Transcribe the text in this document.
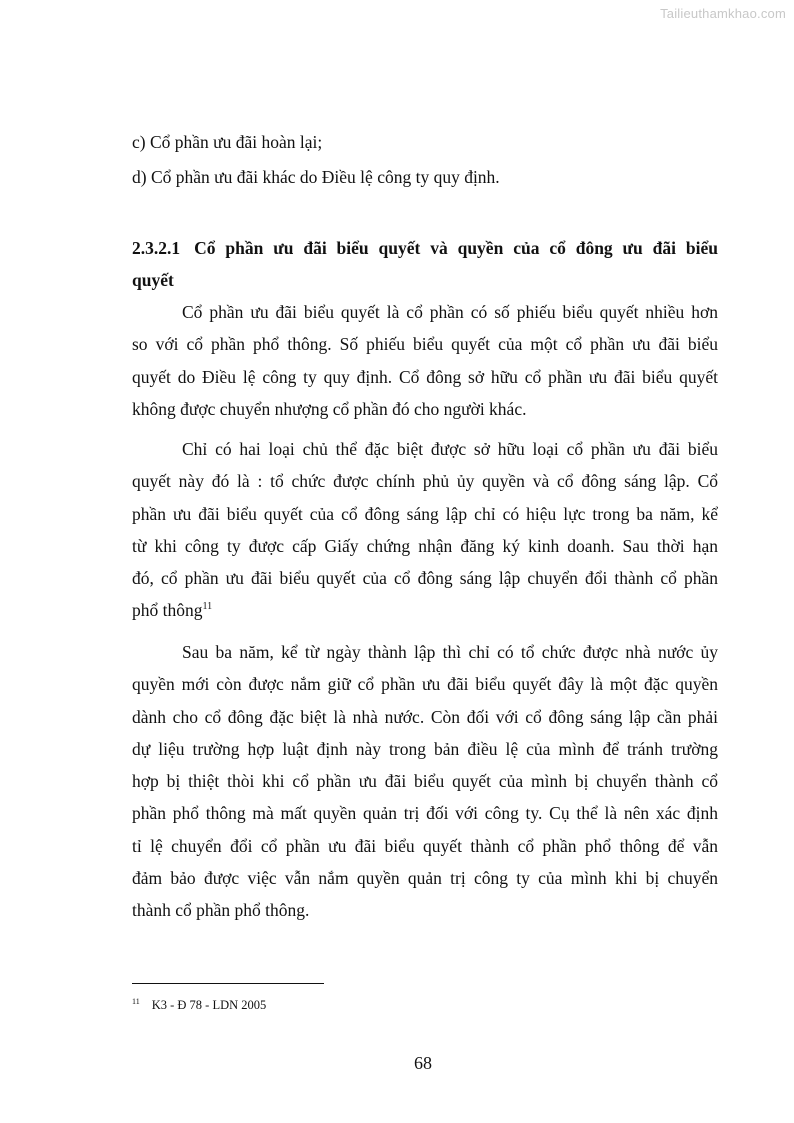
Tailieuthamkhao.com

c) Cổ phần ưu đãi hoàn lại;

d) Cổ phần ưu đãi khác do Điều lệ công ty quy định.

2.3.2.1 Cổ phần ưu đãi biểu quyết và quyền của cổ đông ưu đãi biểu
quyết
Cổ phần ưu đãi biểu quyết là cổ phần có số phiếu biểu quyết nhiều hơn
so với cổ phần phổ thông. Số phiếu biểu quyết của một cổ phần ưu đãi biểu
quyết do Điều lệ công ty quy định. Cổ đông sở hữu cổ phần ưu đãi biểu quyết
không được chuyển nhượng cổ phần đó cho người khác.
Chỉ có hai loại chủ thể đặc biệt được sở hữu loại cổ phần ưu đãi biểu
quyết này đó là : tổ chức được chính phủ ủy quyền và cổ đông sáng lập. Cổ
phần ưu đãi biểu quyết của cổ đông sáng lập chỉ có hiệu lực trong ba năm, kể
từ khi công ty được cấp Giấy chứng nhận đăng ký kinh doanh. Sau thời hạn
đó, cổ phần ưu đãi biểu quyết của cổ đông sáng lập chuyển đổi thành cổ phần
phổ thông$^{11}$
Sau ba năm, kể từ ngày thành lập thì chỉ có tổ chức được nhà nước ủy
quyền mới còn được nắm giữ cổ phần ưu đãi biểu quyết đây là một đặc quyền
dành cho cổ đông đặc biệt là nhà nước. Còn đối với cổ đông sáng lập cần phải
dự liệu trường hợp luật định này trong bản điều lệ của mình để tránh trường
hợp bị thiệt thòi khi cổ phần ưu đãi biểu quyết của mình bị chuyển thành cổ
phần phổ thông mà mất quyền quản trị đối với công ty. Cụ thể là nên xác định
tỉ lệ chuyển đổi cổ phần ưu đãi biểu quyết thành cổ phần phổ thông để vẫn
đảm bảo được việc vẫn nắm quyền quản trị công ty của mình khi bị chuyển
thành cổ phần phổ thông.
$^{11}$ K3 - Đ 78 - LDN 2005
68
